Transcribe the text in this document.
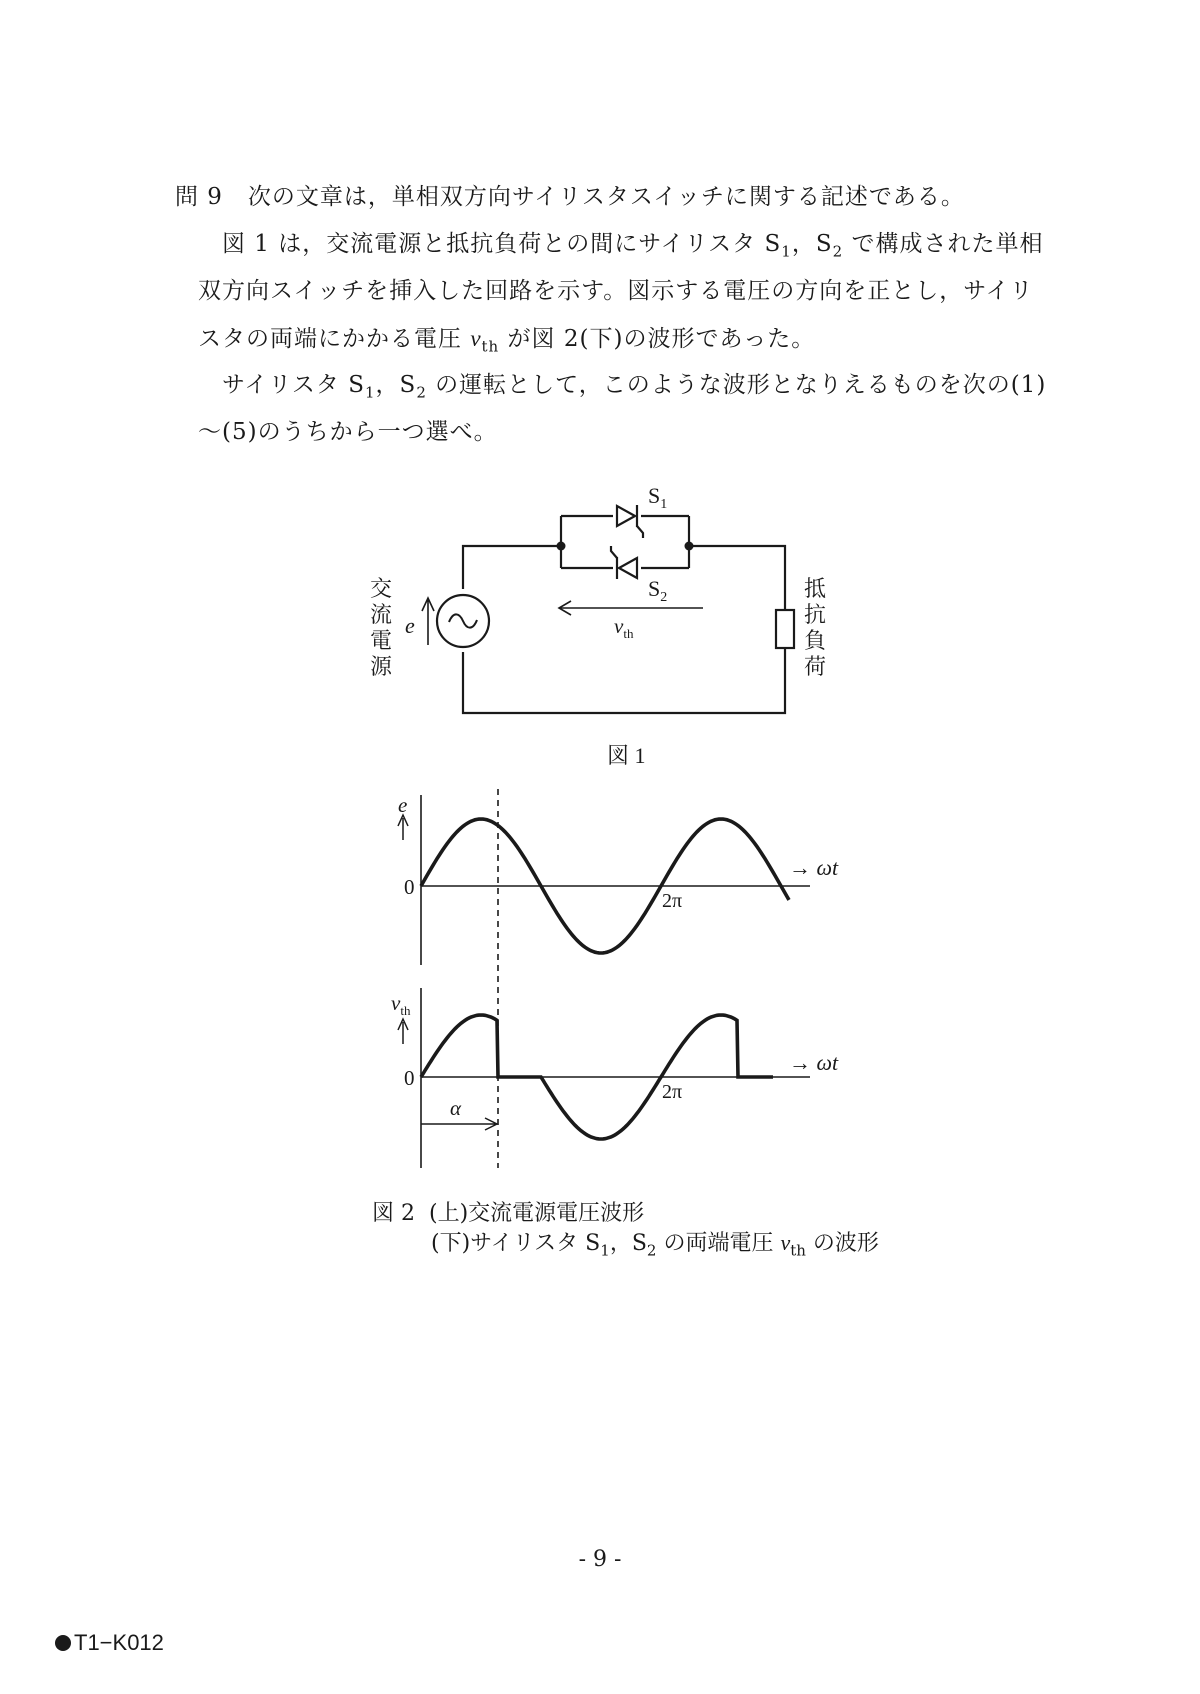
問 9 次の文章は，単相双方向サイリスタスイッチに関する記述である。
図 1 は，交流電源と抵抗負荷との間にサイリスタ $S_1$，$S_2$ で構成された単相
双方向スイッチを挿入した回路を示す。図示する電圧の方向を正とし，サイリ
スタの両端にかかる電圧 $v_{th}$ が図 2(下)の波形であった。
サイリスタ $S_1$，$S_2$ の運転として，このような波形となりえるものを次の(1)
～(5)のうちから一つ選べ。
$S_1$
$S_2$
$v_{th}$
e
交
流
電
源
抵
抗
負
荷
図 1
e
0
→ ωt
2π
$v_{th}$
0
→ ωt
2π
α
図 2 (上)交流電源電圧波形
(下)サイリスタ $S_1$，$S_2$ の両端電圧 $v_{th}$ の波形
- 9 -
T1−K012
